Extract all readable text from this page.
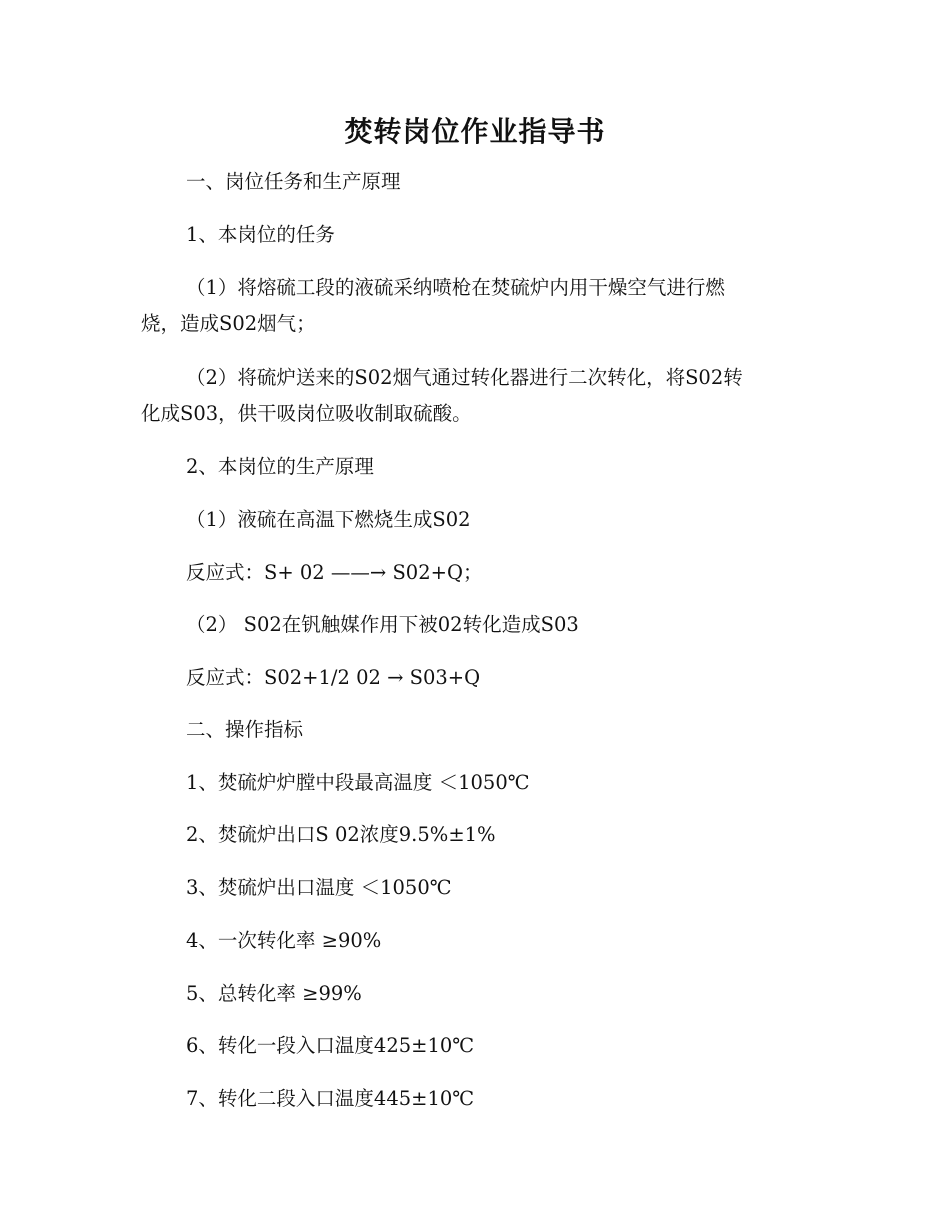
焚转岗位作业指导书
一、岗位任务和生产原理
1、本岗位的任务
（1）将熔硫工段的液硫采纳喷枪在焚硫炉内用干燥空气进行燃
烧，造成S02烟气；
（2）将硫炉送来的S02烟气通过转化器进行二次转化，将S02转
化成S03，供干吸岗位吸收制取硫酸。
2、本岗位的生产原理
（1）液硫在高温下燃烧生成S02
反应式：S+ 02 ——→ S02+Q；
（2） S02在钒触媒作用下被02转化造成S03
反应式：S02+1/2 02 → S03+Q
二、操作指标
1、焚硫炉炉膛中段最高温度 ＜1050℃
2、焚硫炉出口S 02浓度9.5%±1%
3、焚硫炉出口温度 ＜1050℃
4、一次转化率 ≥90%
5、总转化率 ≥99%
6、转化一段入口温度425±10℃
7、转化二段入口温度445±10℃
